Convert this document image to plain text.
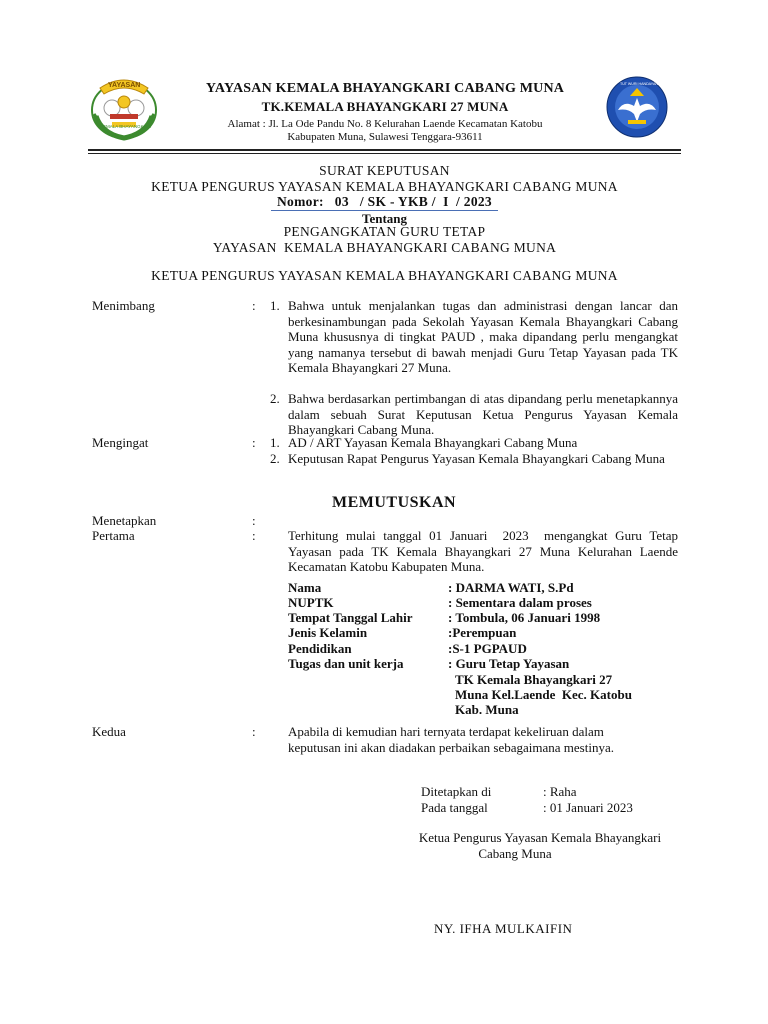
YAYASAN
KEMALA BHAYANGKARI
TUT WURI HANDAYANI
YAYASAN KEMALA BHAYANGKARI CABANG MUNA
TK.KEMALA BHAYANGKARI 27 MUNA
Alamat : Jl. La Ode Pandu No. 8 Kelurahan Laende Kecamatan Katobu
Kabupaten Muna, Sulawesi Tenggara-93611
SURAT KEPUTUSAN
KETUA PENGURUS YAYASAN KEMALA BHAYANGKARI CABANG MUNA
Nomor:   03   / SK - YKB /  I  / 2023
Tentang
PENGANGKATAN GURU TETAP
YAYASAN  KEMALA BHAYANGKARI CABANG MUNA
KETUA PENGURUS YAYASAN KEMALA BHAYANGKARI CABANG MUNA
Menimbang	: 1. Bahwa untuk menjalankan tugas dan administrasi dengan lancar dan berkesinambungan pada Sekolah Yayasan Kemala Bhayangkari Cabang Muna khususnya di tingkat PAUD , maka dipandang perlu mengangkat yang namanya tersebut di bawah menjadi Guru Tetap Yayasan pada TK Kemala Bhayangkari 27 Muna.
2. Bahwa berdasarkan pertimbangan di atas dipandang perlu menetapkannya dalam sebuah Surat Keputusan Ketua Pengurus Yayasan Kemala Bhayangkari Cabang Muna.
Mengingat	: 1. AD / ART Yayasan Kemala Bhayangkari Cabang Muna
2. Keputusan Rapat Pengurus Yayasan Kemala Bhayangkari Cabang Muna
MEMUTUSKAN
Menetapkan	:
Pertama	: Terhitung mulai tanggal 01 Januari  2023  mengangkat Guru Tetap Yayasan pada TK Kemala Bhayangkari 27 Muna Kelurahan Laende Kecamatan Katobu Kabupaten Muna.
Nama	: DARMA WATI, S.Pd
NUPTK	: Sementara dalam proses
Tempat Tanggal Lahir	: Tombula, 06 Januari 1998
Jenis Kelamin	:Perempuan
Pendidikan	:S-1 PGPAUD
Tugas dan unit kerja	: Guru Tetap Yayasan
TK Kemala Bhayangkari 27
Muna Kel.Laende  Kec. Katobu
Kab. Muna
Kedua	: Apabila di kemudian hari ternyata terdapat kekeliruan dalam
keputusan ini akan diadakan perbaikan sebagaimana mestinya.
Ditetapkan di	: Raha
Pada tanggal	: 01 Januari 2023
Ketua Pengurus Yayasan Kemala Bhayangkari
Cabang Muna
NY. IFHA MULKAIFIN
